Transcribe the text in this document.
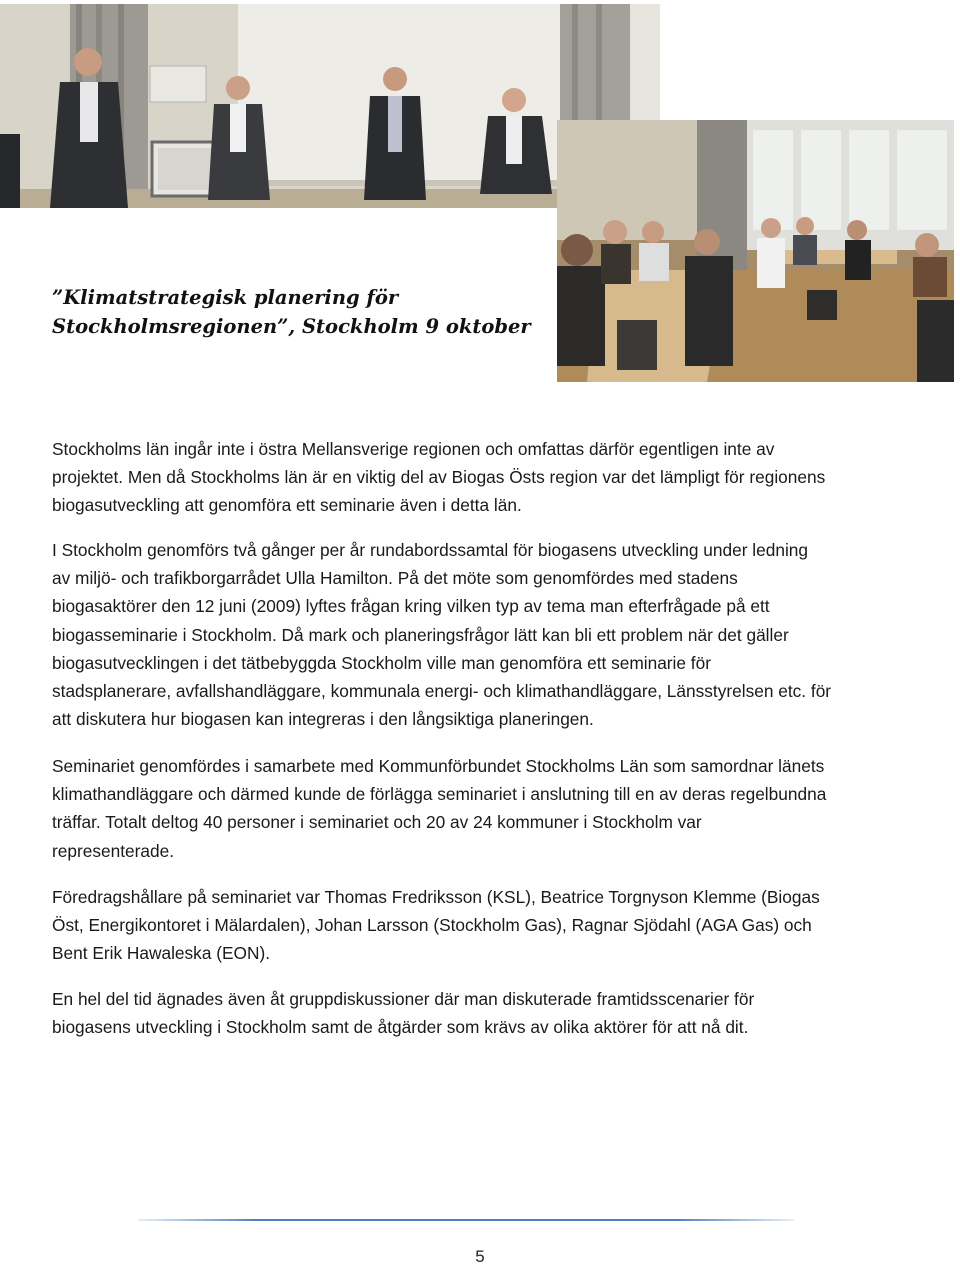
”Klimatstrategisk planering för
Stockholmsregionen”, Stockholm 9 oktober

Stockholms län ingår inte i östra Mellansverige regionen och omfattas därför egentligen inte av
projektet. Men då Stockholms län är en viktig del av Biogas Östs region var det lämpligt för regionens
biogasutveckling att genomföra ett seminarie även i detta län.

I Stockholm genomförs två gånger per år rundabordssamtal för biogasens utveckling under ledning
av miljö- och trafikborgarrådet Ulla Hamilton. På det möte som genomfördes med stadens
biogasaktörer den 12 juni (2009) lyftes frågan kring vilken typ av tema man efterfrågade på ett
biogasseminarie i Stockholm. Då mark och planeringsfrågor lätt kan bli ett problem när det gäller
biogasutvecklingen i det tätbebyggda Stockholm ville man genomföra ett seminarie för
stadsplanerare, avfallshandläggare, kommunala energi- och klimathandläggare, Länsstyrelsen etc. för
att diskutera hur biogasen kan integreras i den långsiktiga planeringen.

Seminariet genomfördes i samarbete med Kommunförbundet Stockholms Län som samordnar länets
klimathandläggare och därmed kunde de förlägga seminariet i anslutning till en av deras regelbundna
träffar. Totalt deltog 40 personer i seminariet och 20 av 24 kommuner i Stockholm var
representerade.

Föredragshållare på seminariet var Thomas Fredriksson (KSL), Beatrice Torgnyson Klemme (Biogas
Öst, Energikontoret i Mälardalen), Johan Larsson (Stockholm Gas), Ragnar Sjödahl (AGA Gas) och
Bent Erik Hawaleska (EON).

En hel del tid ägnades även åt gruppdiskussioner där man diskuterade framtidsscenarier för
biogasens utveckling i Stockholm samt de åtgärder som krävs av olika aktörer för att nå dit.

5
